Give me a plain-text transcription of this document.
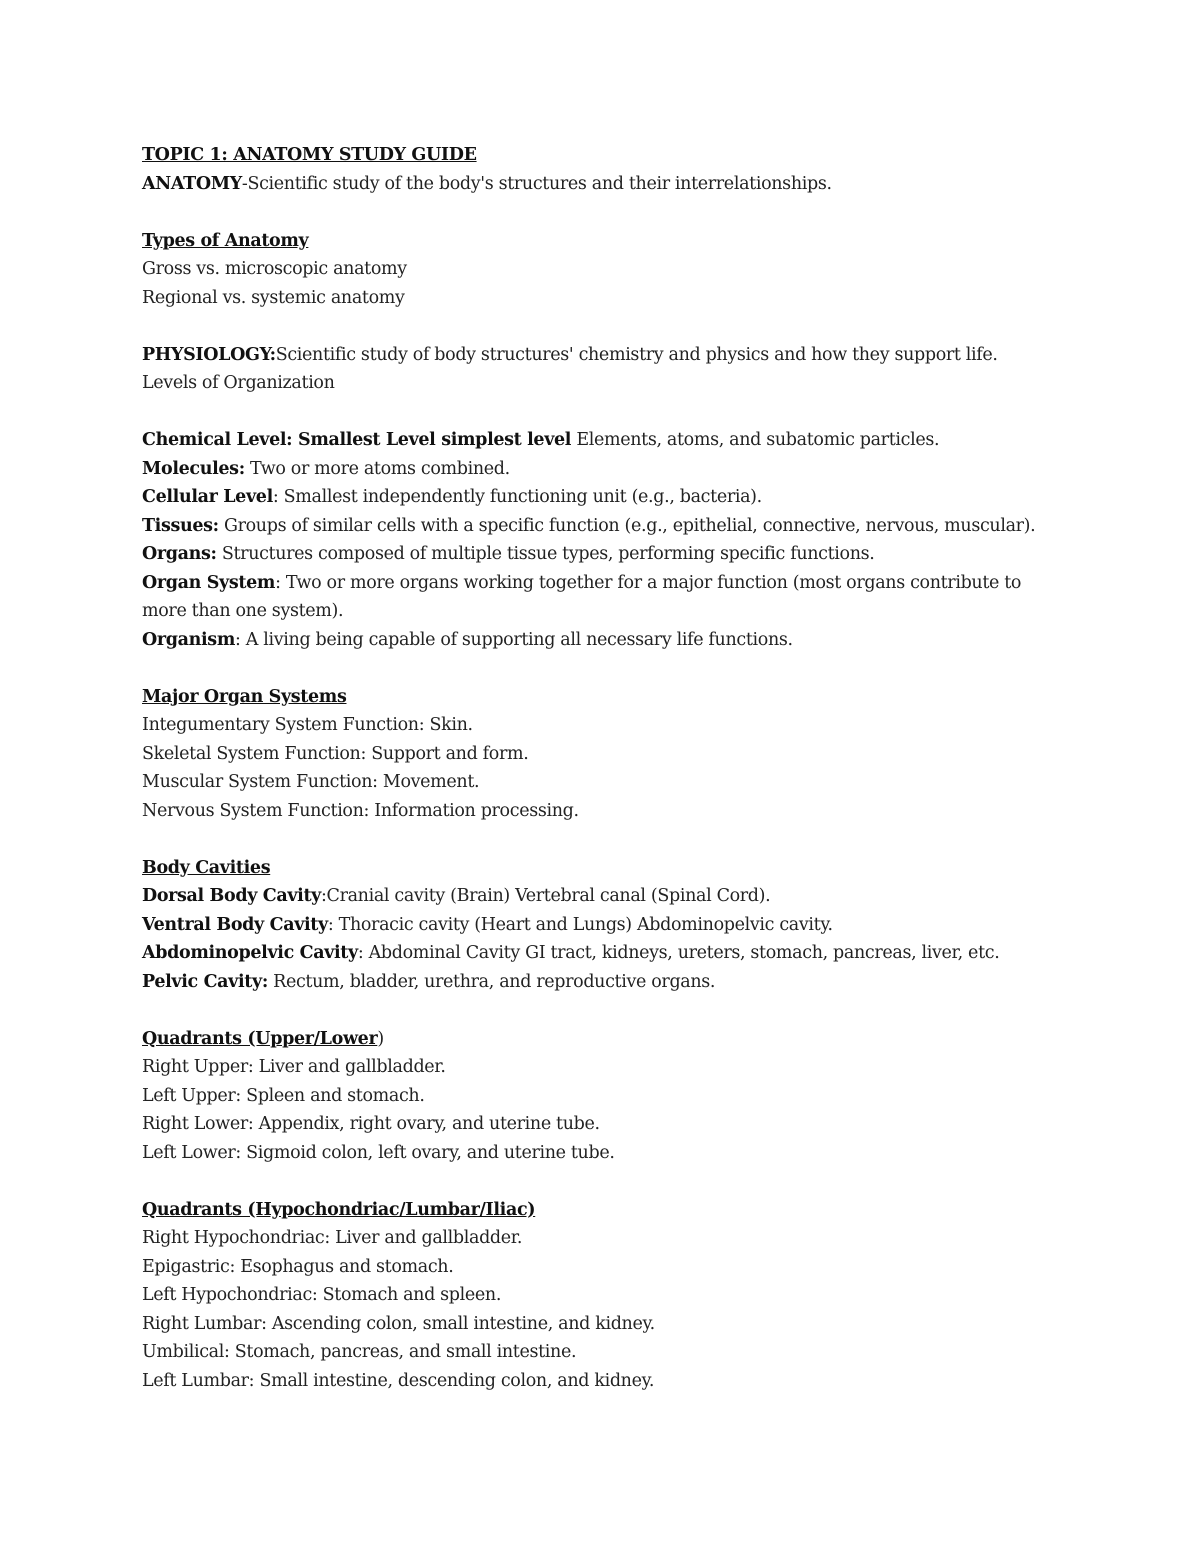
TOPIC 1: ANATOMY STUDY GUIDE
ANATOMY-Scientific study of the body's structures and their interrelationships.
Types of Anatomy
Gross vs. microscopic anatomy
Regional vs. systemic anatomy
PHYSIOLOGY:Scientific study of body structures' chemistry and physics and how they support life.
Levels of Organization
Chemical Level: Smallest Level simplest level Elements, atoms, and subatomic particles.
Molecules: Two or more atoms combined.
Cellular Level: Smallest independently functioning unit (e.g., bacteria).
Tissues: Groups of similar cells with a specific function (e.g., epithelial, connective, nervous, muscular).
Organs: Structures composed of multiple tissue types, performing specific functions.
Organ System: Two or more organs working together for a major function (most organs contribute to more than one system).
Organism: A living being capable of supporting all necessary life functions.
Major Organ Systems
Integumentary System Function: Skin.
Skeletal System Function: Support and form.
Muscular System Function: Movement.
Nervous System Function: Information processing.
Body Cavities
Dorsal Body Cavity:Cranial cavity (Brain) Vertebral canal (Spinal Cord).
Ventral Body Cavity: Thoracic cavity (Heart and Lungs) Abdominopelvic cavity.
Abdominopelvic Cavity: Abdominal Cavity GI tract, kidneys, ureters, stomach, pancreas, liver, etc.
Pelvic Cavity: Rectum, bladder, urethra, and reproductive organs.
Quadrants (Upper/Lower)
Right Upper: Liver and gallbladder.
Left Upper: Spleen and stomach.
Right Lower: Appendix, right ovary, and uterine tube.
Left Lower: Sigmoid colon, left ovary, and uterine tube.
Quadrants (Hypochondriac/Lumbar/Iliac)
Right Hypochondriac: Liver and gallbladder.
Epigastric: Esophagus and stomach.
Left Hypochondriac: Stomach and spleen.
Right Lumbar: Ascending colon, small intestine, and kidney.
Umbilical: Stomach, pancreas, and small intestine.
Left Lumbar: Small intestine, descending colon, and kidney.
